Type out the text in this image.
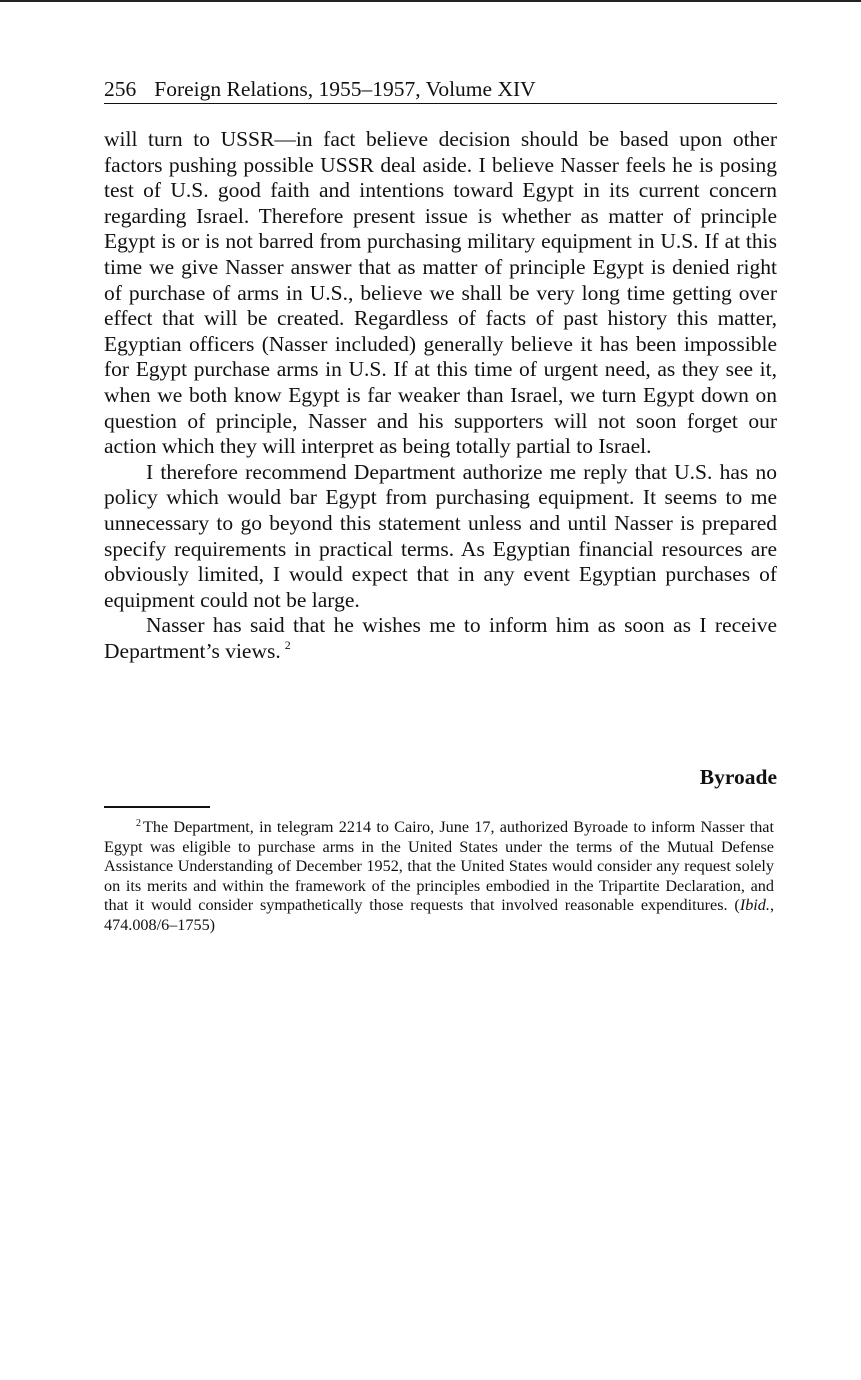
256 Foreign Relations, 1955–1957, Volume XIV

will turn to USSR—in fact believe decision should be based upon other factors pushing possible USSR deal aside. I believe Nasser feels he is posing test of U.S. good faith and intentions toward Egypt in its current concern regarding Israel. Therefore present issue is whether as matter of principle Egypt is or is not barred from purchasing military equipment in U.S. If at this time we give Nasser answer that as matter of principle Egypt is denied right of purchase of arms in U.S., believe we shall be very long time getting over effect that will be created. Regardless of facts of past history this matter, Egyptian officers (Nasser included) generally believe it has been impossible for Egypt purchase arms in U.S. If at this time of urgent need, as they see it, when we both know Egypt is far weaker than Israel, we turn Egypt down on question of principle, Nasser and his supporters will not soon forget our action which they will interpret as being totally partial to Israel.

I therefore recommend Department authorize me reply that U.S. has no policy which would bar Egypt from purchasing equipment. It seems to me unnecessary to go beyond this statement unless and until Nasser is prepared specify requirements in practical terms. As Egyptian financial resources are obviously limited, I would expect that in any event Egyptian purchases of equipment could not be large.

Nasser has said that he wishes me to inform him as soon as I receive Department’s views. $^2$

Byroade

$^2$ The Department, in telegram 2214 to Cairo, June 17, authorized Byroade to inform Nasser that Egypt was eligible to purchase arms in the United States under the terms of the Mutual Defense Assistance Understanding of December 1952, that the United States would consider any request solely on its merits and within the framework of the principles embodied in the Tripartite Declaration, and that it would consider sympathetically those requests that involved reasonable expenditures. (Ibid., 474.008/6–1755)
